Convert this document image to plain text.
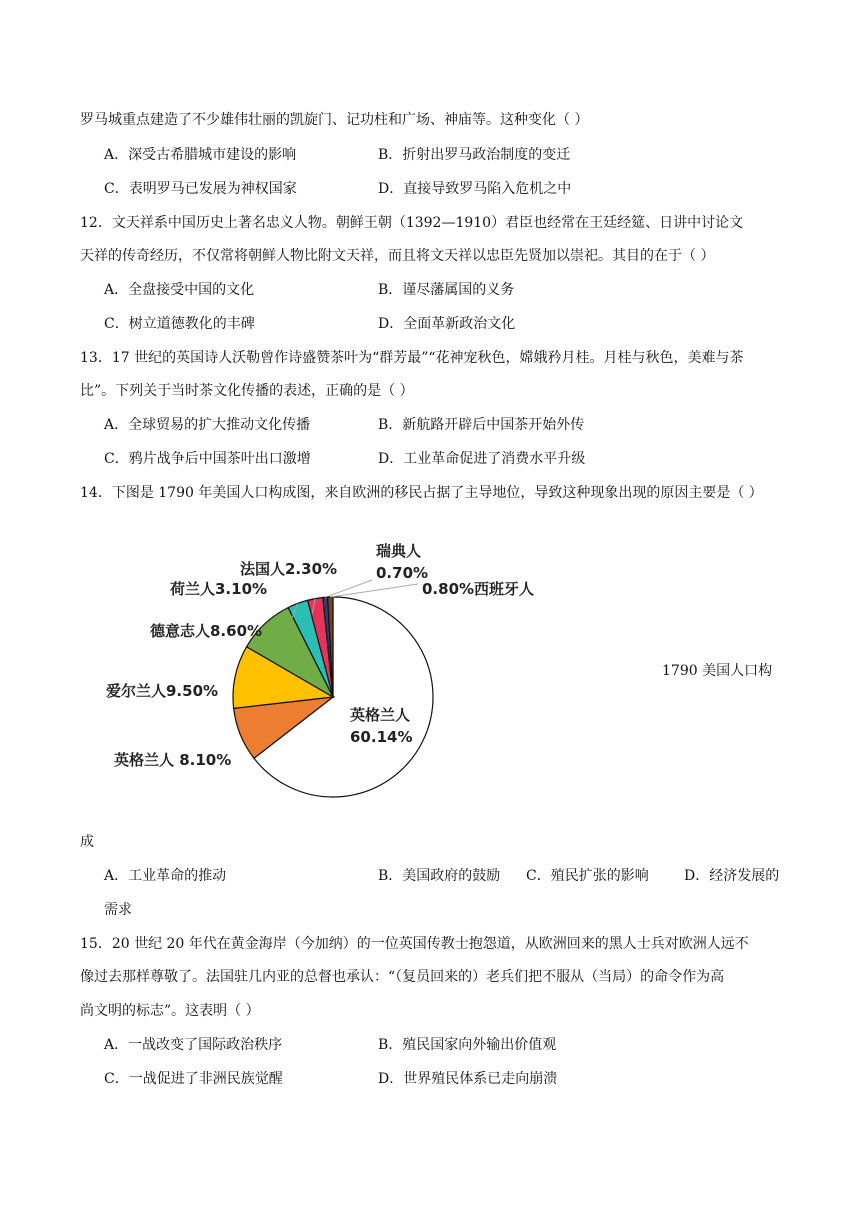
罗马城重点建造了不少雄伟壮丽的凯旋门、记功柱和广场、神庙等。这种变化（ ）
A．深受古希腊城市建设的影响	B．折射出罗马政治制度的变迁
C．表明罗马已发展为神权国家	D．直接导致罗马陷入危机之中
12．文天祥系中国历史上著名忠义人物。朝鲜王朝（1392—1910）君臣也经常在王廷经筵、日讲中讨论文
天祥的传奇经历，不仅常将朝鲜人物比附文天祥，而且将文天祥以忠臣先贤加以崇祀。其目的在于（ ）
A．全盘接受中国的文化	B．谨尽藩属国的义务
C．树立道德教化的丰碑	D．全面革新政治文化
13．17 世纪的英国诗人沃勒曾作诗盛赞茶叶为“群芳最”“花神宠秋色，嫦娥矜月桂。月桂与秋色，美难与茶
比”。下列关于当时茶文化传播的表述，正确的是（ ）
A．全球贸易的扩大推动文化传播	B．新航路开辟后中国茶开始外传
C．鸦片战争后中国茶叶出口激增	D．工业革命促进了消费水平升级
14．下图是 1790 年美国人口构成图，来自欧洲的移民占据了主导地位，导致这种现象出现的原因主要是（ ）
英格兰人 60.14%
英格兰人 8.10%
爱尔兰人9.50%
德意志人8.60%
荷兰人3.10%
法国人2.30%
瑞典人 0.70%
0.80%西班牙人
1790 美国人口构
成
A．工业革命的推动	B．美国政府的鼓励 C．殖民扩张的影响	D．经济发展的
需求
15．20 世纪 20 年代在黄金海岸（今加纳）的一位英国传教士抱怨道，从欧洲回来的黑人士兵对欧洲人远不
像过去那样尊敬了。法国驻几内亚的总督也承认：“（复员回来的）老兵们把不服从（当局）的命令作为高
尚文明的标志”。这表明（ ）
A．一战改变了国际政治秩序	B．殖民国家向外输出价值观
C．一战促进了非洲民族觉醒	D．世界殖民体系已走向崩溃
